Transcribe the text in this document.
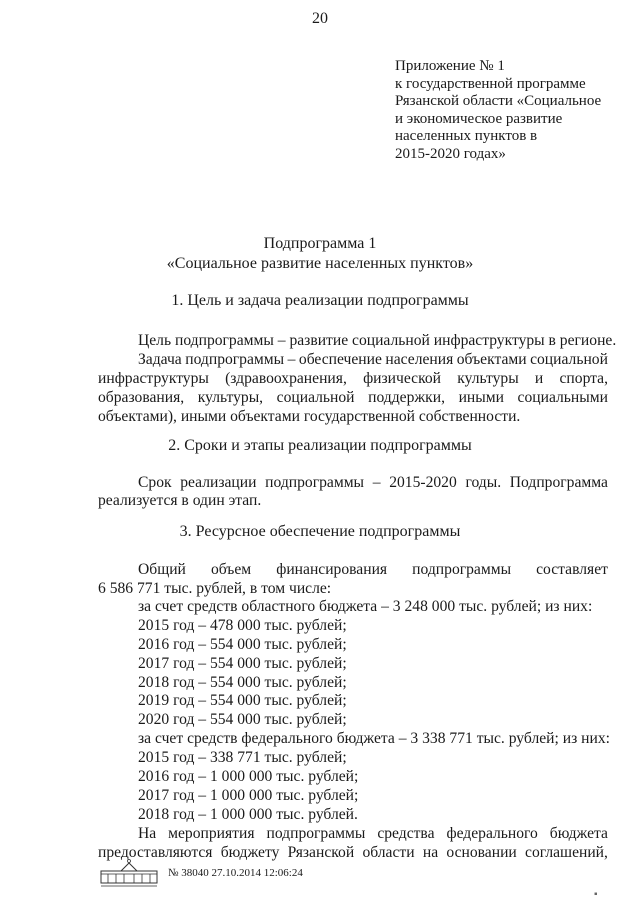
20
Приложение № 1
к государственной программе
Рязанской области «Социальное
и экономическое развитие
населенных пунктов в
2015-2020 годах»
Подпрограмма 1
«Социальное развитие населенных пунктов»
1. Цель и задача реализации подпрограммы
Цель подпрограммы – развитие социальной инфраструктуры в регионе.
Задача подпрограммы – обеспечение населения объектами социальной
инфраструктуры (здравоохранения, физической культуры и спорта,
образования, культуры, социальной поддержки, иными социальными
объектами), иными объектами государственной собственности.
2. Сроки и этапы реализации подпрограммы
Срок реализации подпрограммы – 2015-2020 годы. Подпрограмма
реализуется в один этап.
3. Ресурсное обеспечение подпрограммы
Общий объем финансирования подпрограммы составляет
6 586 771 тыс. рублей, в том числе:
за счет средств областного бюджета – 3 248 000 тыс. рублей; из них:
2015 год – 478 000 тыс. рублей;
2016 год – 554 000 тыс. рублей;
2017 год – 554 000 тыс. рублей;
2018 год – 554 000 тыс. рублей;
2019 год – 554 000 тыс. рублей;
2020 год – 554 000 тыс. рублей;
за счет средств федерального бюджета – 3 338 771 тыс. рублей; из них:
2015 год – 338 771 тыс. рублей;
2016 год – 1 000 000 тыс. рублей;
2017 год – 1 000 000 тыс. рублей;
2018 год – 1 000 000 тыс. рублей.
На мероприятия подпрограммы средства федерального бюджета
предоставляются бюджету Рязанской области на основании соглашений,
№ 38040 27.10.2014 12:06:24
▪
